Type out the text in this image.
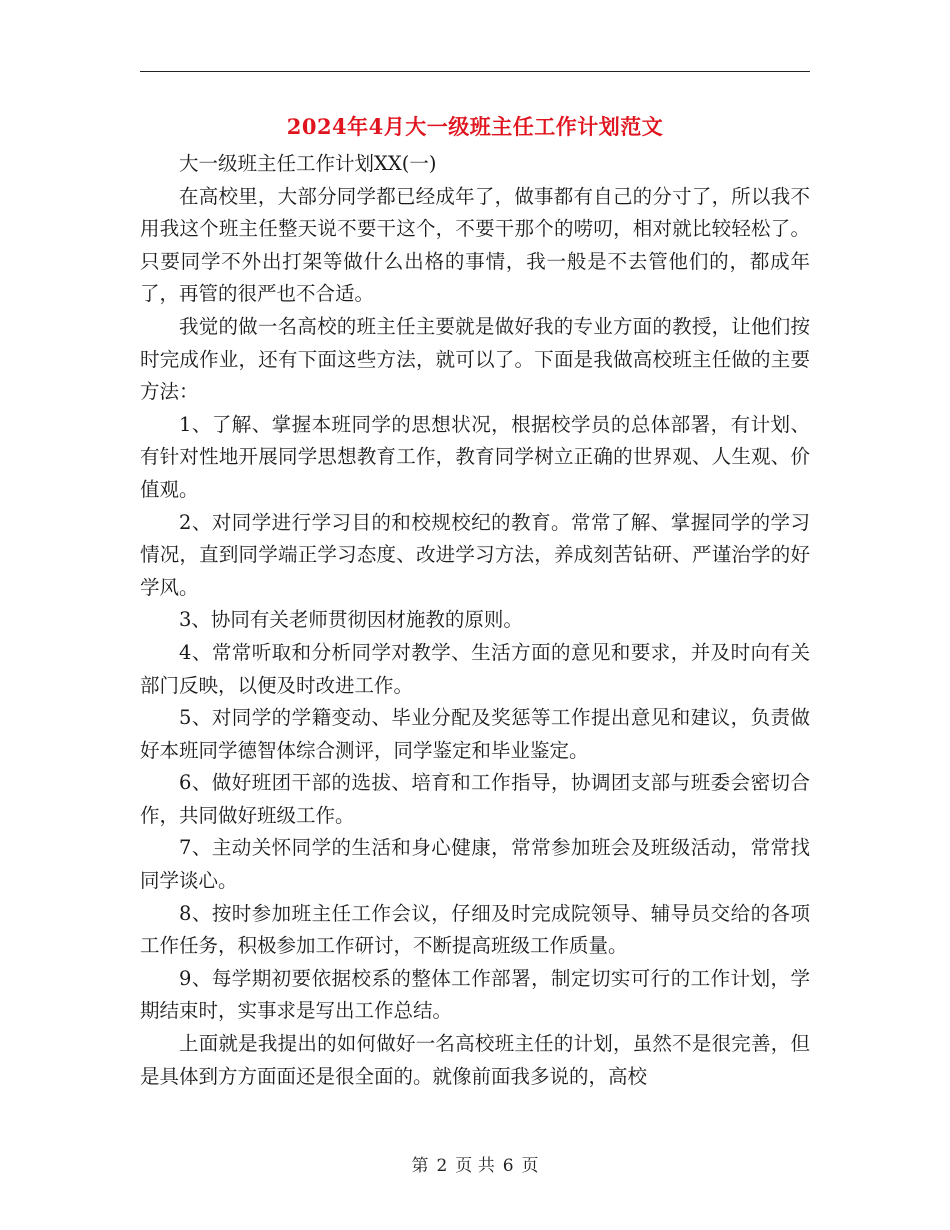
2024年4月大一级班主任工作计划范文

大一级班主任工作计划XX(一)

在高校里，大部分同学都已经成年了，做事都有自己的分寸了，所以我不用我这个班主任整天说不要干这个，不要干那个的唠叨，相对就比较轻松了。只要同学不外出打架等做什么出格的事情，我一般是不去管他们的，都成年了，再管的很严也不合适。

我觉的做一名高校的班主任主要就是做好我的专业方面的教授，让他们按时完成作业，还有下面这些方法，就可以了。下面是我做高校班主任做的主要方法：

1、了解、掌握本班同学的思想状况，根据校学员的总体部署，有计划、有针对性地开展同学思想教育工作，教育同学树立正确的世界观、人生观、价值观。

2、对同学进行学习目的和校规校纪的教育。常常了解、掌握同学的学习情况，直到同学端正学习态度、改进学习方法，养成刻苦钻研、严谨治学的好学风。

3、协同有关老师贯彻因材施教的原则。

4、常常听取和分析同学对教学、生活方面的意见和要求，并及时向有关部门反映，以便及时改进工作。

5、对同学的学籍变动、毕业分配及奖惩等工作提出意见和建议，负责做好本班同学德智体综合测评，同学鉴定和毕业鉴定。

6、做好班团干部的选拔、培育和工作指导，协调团支部与班委会密切合作，共同做好班级工作。

7、主动关怀同学的生活和身心健康，常常参加班会及班级活动，常常找同学谈心。

8、按时参加班主任工作会议，仔细及时完成院领导、辅导员交给的各项工作任务，积极参加工作研讨，不断提高班级工作质量。

9、每学期初要依据校系的整体工作部署，制定切实可行的工作计划，学期结束时，实事求是写出工作总结。

上面就是我提出的如何做好一名高校班主任的计划，虽然不是很完善，但是具体到方方面面还是很全面的。就像前面我多说的，高校

第 2 页 共 6 页
